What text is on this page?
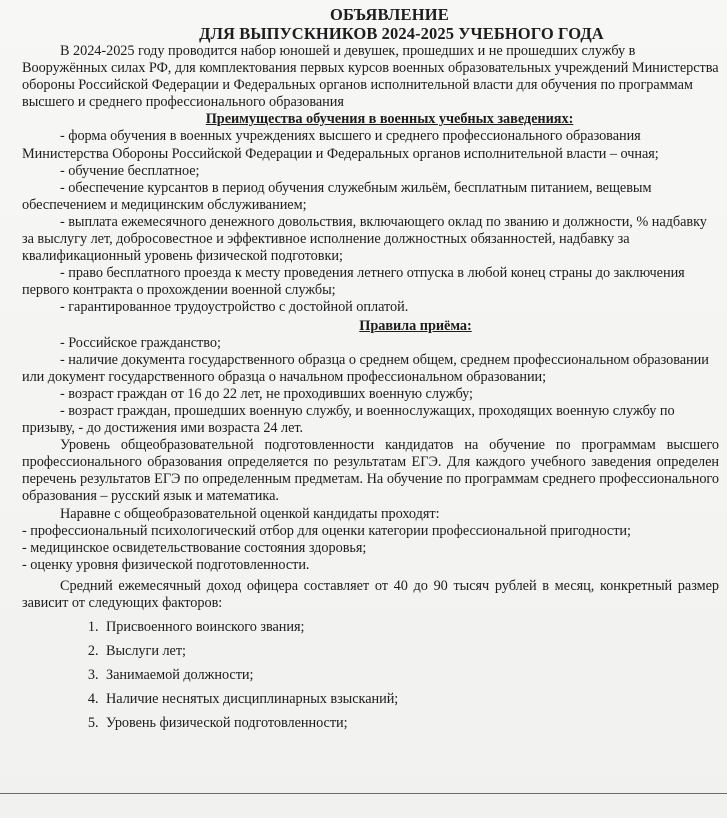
ОБЪЯВЛЕНИЕ
ДЛЯ ВЫПУСКНИКОВ 2024-2025 УЧЕБНОГО ГОДА

В 2024-2025 году проводится набор юношей и девушек, прошедших и не прошедших службу в Вооружённых силах РФ, для комплектования первых курсов военных образовательных учреждений Министерства обороны Российской Федерации и Федеральных органов исполнительной власти для обучения по программам высшего и среднего профессионального образования

Преимущества обучения в военных учебных заведениях:

- форма обучения в военных учреждениях высшего и среднего профессионального образования Министерства Обороны Российской Федерации и Федеральных органов исполнительной власти – очная;

- обучение бесплатное;

- обеспечение курсантов в период обучения служебным жильём, бесплатным питанием, вещевым обеспечением и медицинским обслуживанием;

- выплата ежемесячного денежного довольствия, включающего оклад по званию и должности, % надбавку за выслугу лет, добросовестное и эффективное исполнение должностных обязанностей, надбавку за квалификационный уровень физической подготовки;

- право бесплатного проезда к месту проведения летнего отпуска в любой конец страны до заключения первого контракта о прохождении военной службы;

- гарантированное трудоустройство с достойной оплатой.

Правила приёма:

- Российское гражданство;

- наличие документа государственного образца о среднем общем, среднем профессиональном образовании или документ государственного образца о начальном профессиональном образовании;

- возраст граждан от 16 до 22 лет, не проходивших военную службу;

- возраст граждан, прошедших военную службу, и военнослужащих, проходящих военную службу по призыву, - до достижения ими возраста 24 лет.

Уровень общеобразовательной подготовленности кандидатов на обучение по программам высшего профессионального образования определяется по результатам ЕГЭ. Для каждого учебного заведения определен перечень результатов ЕГЭ по определенным предметам. На обучение по программам среднего профессионального образования – русский язык и математика.

Наравне с общеобразовательной оценкой кандидаты проходят:

- профессиональный психологический отбор для оценки категории профессиональной пригодности;

- медицинское освидетельствование состояния здоровья;

- оценку уровня физической подготовленности.

Средний ежемесячный доход офицера составляет от 40 до 90 тысяч рублей в месяц, конкретный размер зависит от следующих факторов:

1. Присвоенного воинского звания;
2. Выслуги лет;
3. Занимаемой должности;
4. Наличие неснятых дисциплинарных взысканий;
5. Уровень физической подготовленности;
